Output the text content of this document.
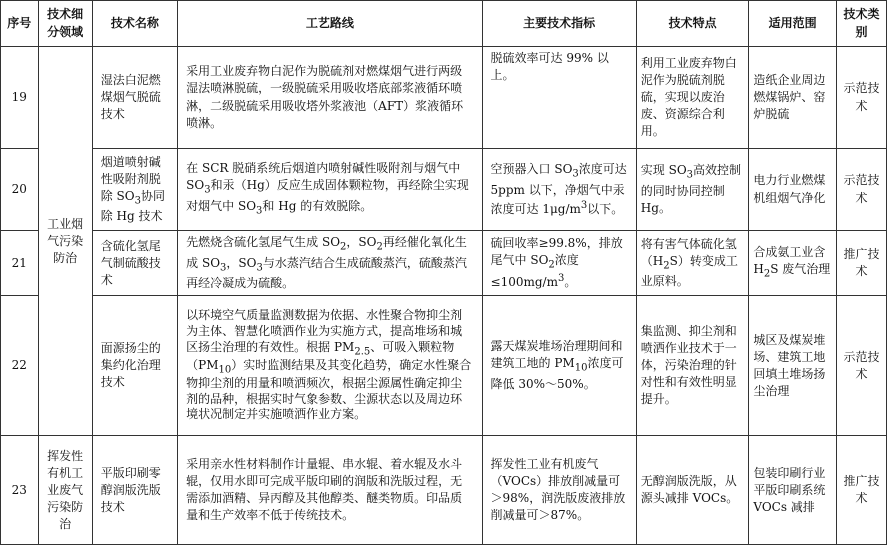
序号	技术细分领域	技术名称	工艺路线	主要技术指标	技术特点	适用范围	技术类别
19	工业烟气污染防治	湿法白泥燃煤烟气脱硫技术	采用工业废弃物白泥作为脱硫剂对燃煤烟气进行两级湿法喷淋脱硫，一级脱硫采用吸收塔底部浆液循环喷淋，二级脱硫采用吸收塔外浆液池（AFT）浆液循环喷淋。	脱硫效率可达 99% 以上。	利用工业废弃物白泥作为脱硫剂脱硫，实现以废治废、资源综合利用。	造纸企业周边燃煤锅炉、窑炉脱硫	示范技术
20		烟道喷射碱性吸附剂脱除 $SO_3$协同除 Hg 技术	在 SCR 脱硝系统后烟道内喷射碱性吸附剂与烟气中 $SO_3$和汞（Hg）反应生成固体颗粒物，再经除尘实现对烟气中 $SO_3$和 Hg 的有效脱除。	空预器入口 $SO_3$浓度可达 5ppm 以下，净烟气中汞浓度可达 $1\mu g/m^3$以下。	实现 $SO_3$高效控制的同时协同控制 Hg。	电力行业燃煤机组烟气净化	示范技术
21		含硫化氢尾气制硫酸技术	先燃烧含硫化氢尾气生成 $SO_2$，$SO_2$再经催化氧化生成 $SO_3$，$SO_3$与水蒸汽结合生成硫酸蒸汽，硫酸蒸汽再经冷凝成为硫酸。	硫回收率≥99.8%，排放尾气中 $SO_2$浓度$\le 100mg/m^3$。	将有害气体硫化氢$(H_2S)$转变成工业原料。	合成氨工业含 $H_2S$ 废气治理	推广技术
22		面源扬尘的集约化治理技术	以环境空气质量监测数据为依据、水性聚合物抑尘剂为主体、智慧化喷洒作业为实施方式，提高堆场和城区扬尘治理的有效性。根据 $PM_{2.5}$、可吸入颗粒物$(PM_{10})$实时监测结果及其变化趋势，确定水性聚合物抑尘剂的用量和喷洒频次，根据尘源属性确定抑尘剂的品种，根据实时气象参数、尘源状态以及周边环境状况制定并实施喷洒作业方案。	露天煤炭堆场治理期间和建筑工地的 $PM_{10}$浓度可降低 30%～50%。	集监测、抑尘剂和喷洒作业技术于一体，污染治理的针对性和有效性明显提升。	城区及煤炭堆场、建筑工地回填土堆场扬尘治理	示范技术
23	挥发性有机工业废气污染防治	平版印刷零醇润版洗版技术	采用亲水性材料制作计量辊、串水辊、着水辊及水斗辊，仅用水即可完成平版印刷的润版和洗版过程，无需添加酒精、异丙醇及其他醇类、醚类物质。印品质量和生产效率不低于传统技术。	挥发性工业有机废气（VOCs）排放削减量可＞98%，润洗版废液排放削减量可＞87%。	无醇润版洗版，从源头减排 VOCs。	包装印刷行业平版印刷系统 VOCs 减排	推广技术
